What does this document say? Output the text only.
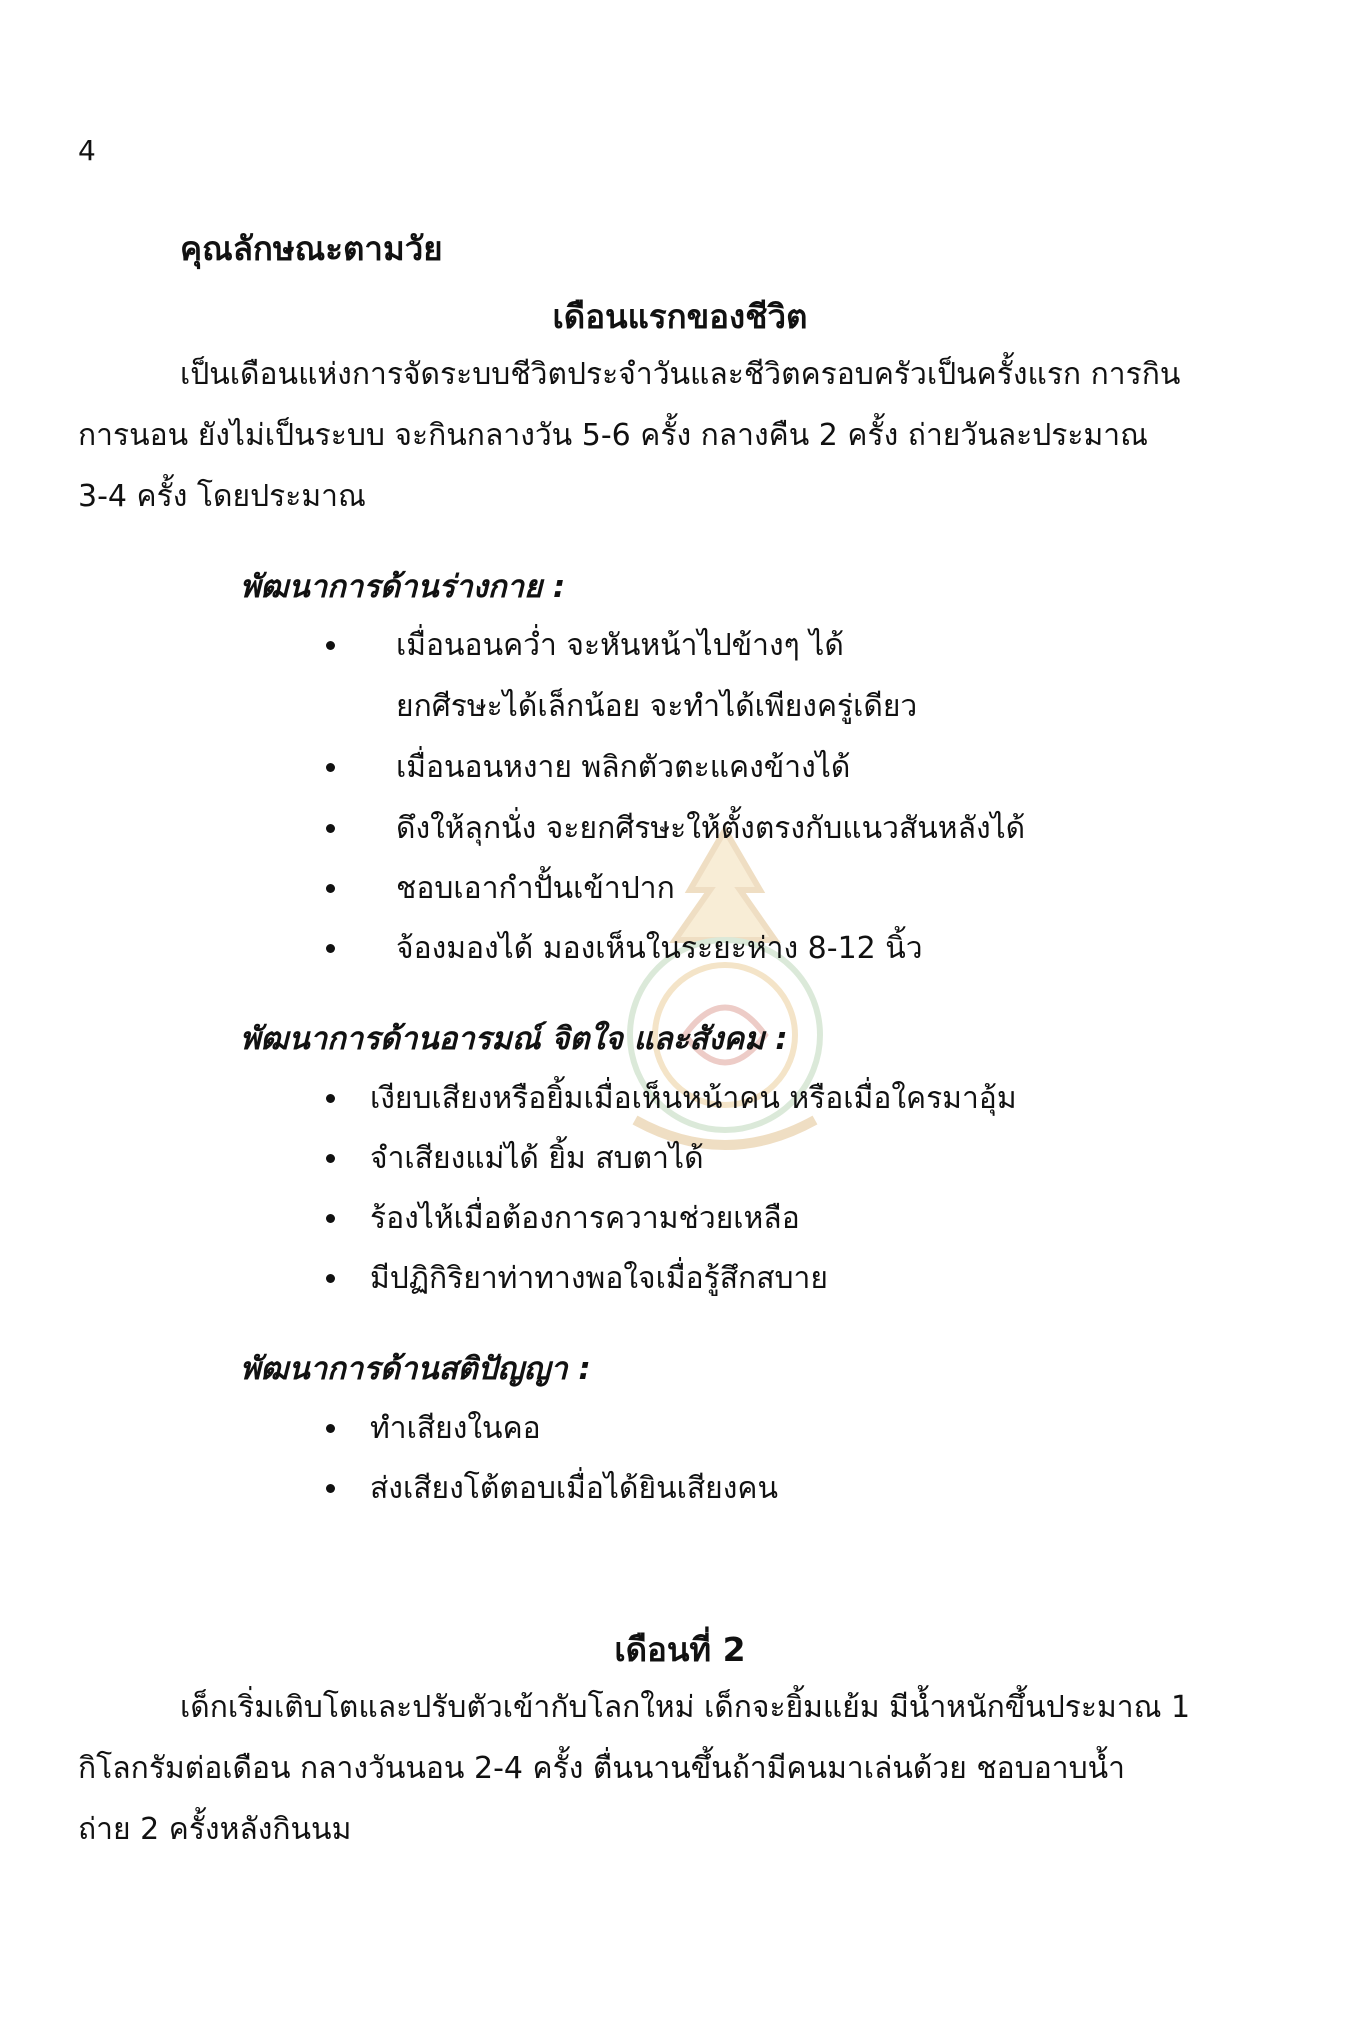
4
คุณลักษณะตามวัย
เดือนแรกของชีวิต
เป็นเดือนแห่งการจัดระบบชีวิตประจำวันและชีวิตครอบครัวเป็นครั้งแรก การกิน
การนอน ยังไม่เป็นระบบ จะกินกลางวัน 5-6 ครั้ง กลางคืน 2 ครั้ง ถ่ายวันละประมาณ
3-4 ครั้ง โดยประมาณ
พัฒนาการด้านร่างกาย :
เมื่อนอนคว่ำ จะหันหน้าไปข้างๆ ได้
ยกศีรษะได้เล็กน้อย จะทำได้เพียงครู่เดียว
เมื่อนอนหงาย พลิกตัวตะแคงข้างได้
ดึงให้ลุกนั่ง จะยกศีรษะให้ตั้งตรงกับแนวสันหลังได้
ชอบเอากำปั้นเข้าปาก
จ้องมองได้ มองเห็นในระยะห่าง 8-12 นิ้ว
พัฒนาการด้านอารมณ์ จิตใจ และสังคม :
เงียบเสียงหรือยิ้มเมื่อเห็นหน้าคน หรือเมื่อใครมาอุ้ม
จำเสียงแม่ได้ ยิ้ม สบตาได้
ร้องไห้เมื่อต้องการความช่วยเหลือ
มีปฏิกิริยาท่าทางพอใจเมื่อรู้สึกสบาย
พัฒนาการด้านสติปัญญา :
ทำเสียงในคอ
ส่งเสียงโต้ตอบเมื่อได้ยินเสียงคน
เดือนที่ 2
เด็กเริ่มเติบโตและปรับตัวเข้ากับโลกใหม่ เด็กจะยิ้มแย้ม มีน้ำหนักขึ้นประมาณ 1
กิโลกรัมต่อเดือน กลางวันนอน 2-4 ครั้ง ตื่นนานขึ้นถ้ามีคนมาเล่นด้วย ชอบอาบน้ำ
ถ่าย 2 ครั้งหลังกินนม
